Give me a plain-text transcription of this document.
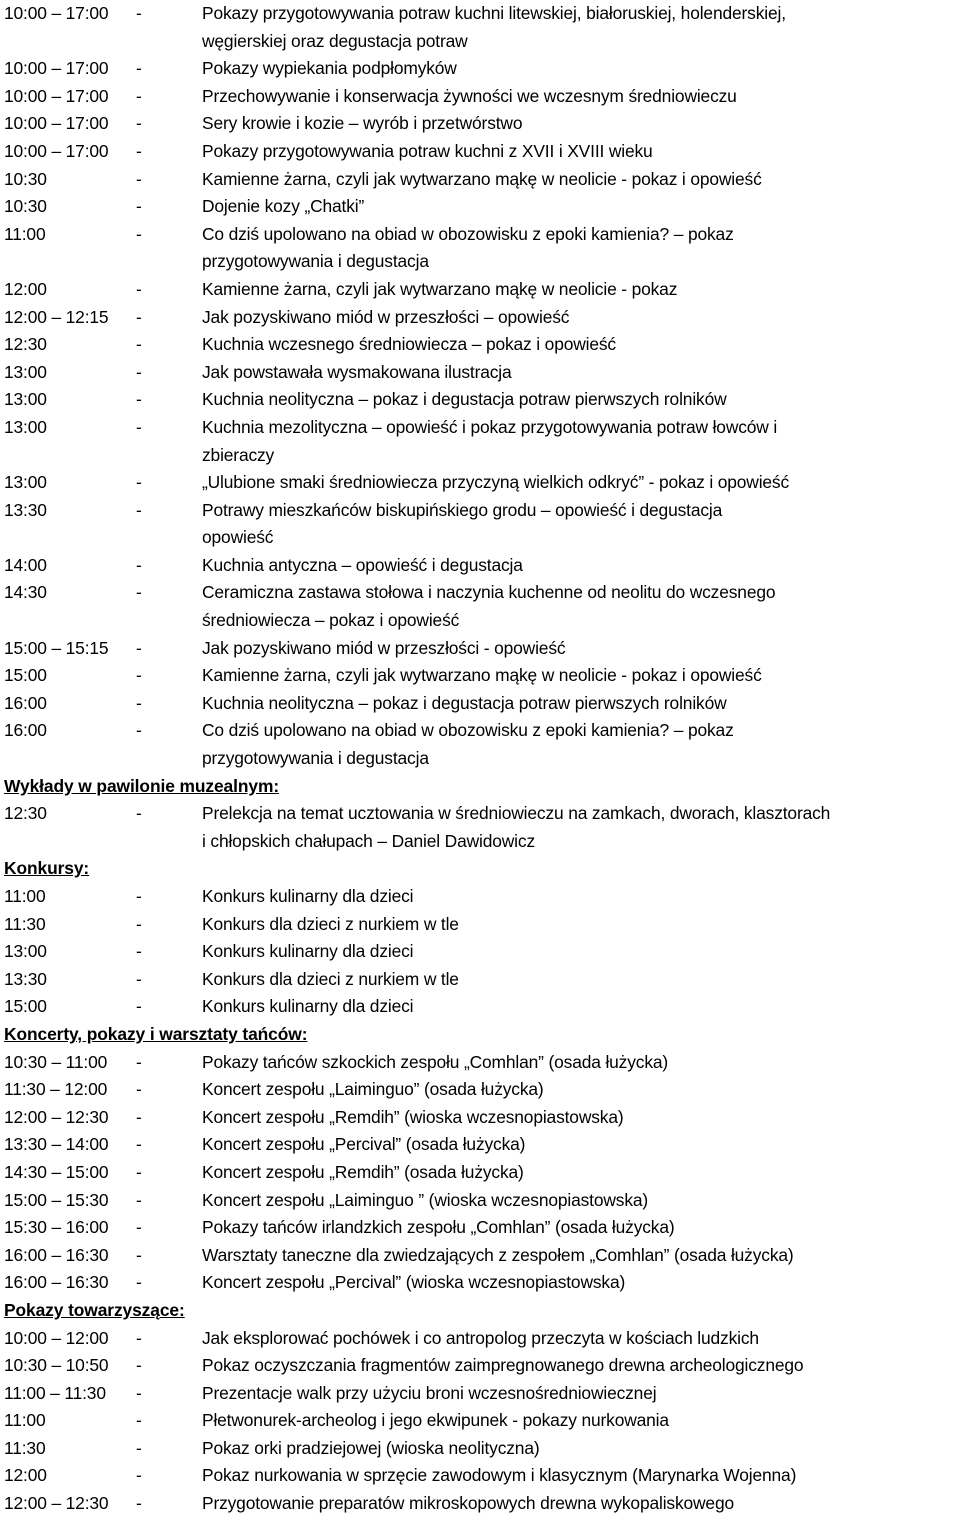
10:00 – 17:00	-	Pokazy przygotowywania potraw kuchni litewskiej, białoruskiej, holenderskiej,
węgierskiej oraz degustacja potraw
10:00 – 17:00	-	Pokazy wypiekania podpłomyków
10:00 – 17:00	-	Przechowywanie i konserwacja żywności we wczesnym średniowieczu
10:00 – 17:00	-	Sery krowie i kozie – wyrób i przetwórstwo
10:00 – 17:00	-	Pokazy przygotowywania potraw kuchni z XVII i XVIII wieku
10:30	-	Kamienne żarna, czyli jak wytwarzano mąkę w neolicie - pokaz i opowieść
10:30	-	Dojenie kozy „Chatki”
11:00	-	Co dziś upolowano na obiad w obozowisku z epoki kamienia? – pokaz
przygotowywania i degustacja
12:00	-	Kamienne żarna, czyli jak wytwarzano mąkę w neolicie - pokaz
12:00 – 12:15	-	Jak pozyskiwano miód w przeszłości – opowieść
12:30	-	Kuchnia wczesnego średniowiecza – pokaz i opowieść
13:00	-	Jak powstawała wysmakowana ilustracja
13:00	-	Kuchnia neolityczna – pokaz i degustacja potraw pierwszych rolników
13:00	-	Kuchnia mezolityczna – opowieść i pokaz przygotowywania potraw łowców i
zbieraczy
13:00	-	„Ulubione smaki średniowiecza przyczyną wielkich odkryć” - pokaz i opowieść
13:30	-	Potrawy mieszkańców biskupińskiego grodu – opowieść i degustacja
opowieść
14:00	-	Kuchnia antyczna – opowieść i degustacja
14:30	-	Ceramiczna zastawa stołowa i naczynia kuchenne od neolitu do wczesnego
średniowiecza – pokaz i opowieść
15:00 – 15:15	-	Jak pozyskiwano miód w przeszłości - opowieść
15:00	-	Kamienne żarna, czyli jak wytwarzano mąkę w neolicie - pokaz i opowieść
16:00	-	Kuchnia neolityczna – pokaz i degustacja potraw pierwszych rolników
16:00	-	Co dziś upolowano na obiad w obozowisku z epoki kamienia? – pokaz
przygotowywania i degustacja
Wykłady w pawilonie muzealnym:
12:30	-	Prelekcja na temat ucztowania w średniowieczu na zamkach, dworach, klasztorach
i chłopskich chałupach – Daniel Dawidowicz
Konkursy:
11:00	-	Konkurs kulinarny dla dzieci
11:30	-	Konkurs dla dzieci z nurkiem w tle
13:00	-	Konkurs kulinarny dla dzieci
13:30	-	Konkurs dla dzieci z nurkiem w tle
15:00	-	Konkurs kulinarny dla dzieci
Koncerty, pokazy i warsztaty tańców:
10:30 – 11:00	-	Pokazy tańców szkockich zespołu „Comhlan” (osada łużycka)
11:30 – 12:00	-	Koncert zespołu „Laiminguo” (osada łużycka)
12:00 – 12:30	-	Koncert zespołu „Remdih” (wioska wczesnopiastowska)
13:30 – 14:00	-	Koncert zespołu „Percival” (osada łużycka)
14:30 – 15:00	-	Koncert zespołu „Remdih” (osada łużycka)
15:00 – 15:30	-	Koncert zespołu „Laiminguo ” (wioska wczesnopiastowska)
15:30 – 16:00	-	Pokazy tańców irlandzkich zespołu „Comhlan” (osada łużycka)
16:00 – 16:30	-	Warsztaty taneczne dla zwiedzających z zespołem „Comhlan” (osada łużycka)
16:00 – 16:30	-	Koncert zespołu „Percival” (wioska wczesnopiastowska)
Pokazy towarzyszące:
10:00 – 12:00	-	Jak eksplorować pochówek i co antropolog przeczyta w kościach ludzkich
10:30 – 10:50	-	Pokaz oczyszczania fragmentów zaimpregnowanego drewna archeologicznego
11:00 – 11:30	-	Prezentacje walk przy użyciu broni wczesnośredniowiecznej
11:00	-	Płetwonurek-archeolog i jego ekwipunek - pokazy nurkowania
11:30	-	Pokaz orki pradziejowej (wioska neolityczna)
12:00	-	Pokaz nurkowania w sprzęcie zawodowym i klasycznym (Marynarka Wojenna)
12:00 – 12:30	-	Przygotowanie preparatów mikroskopowych drewna wykopaliskowego
